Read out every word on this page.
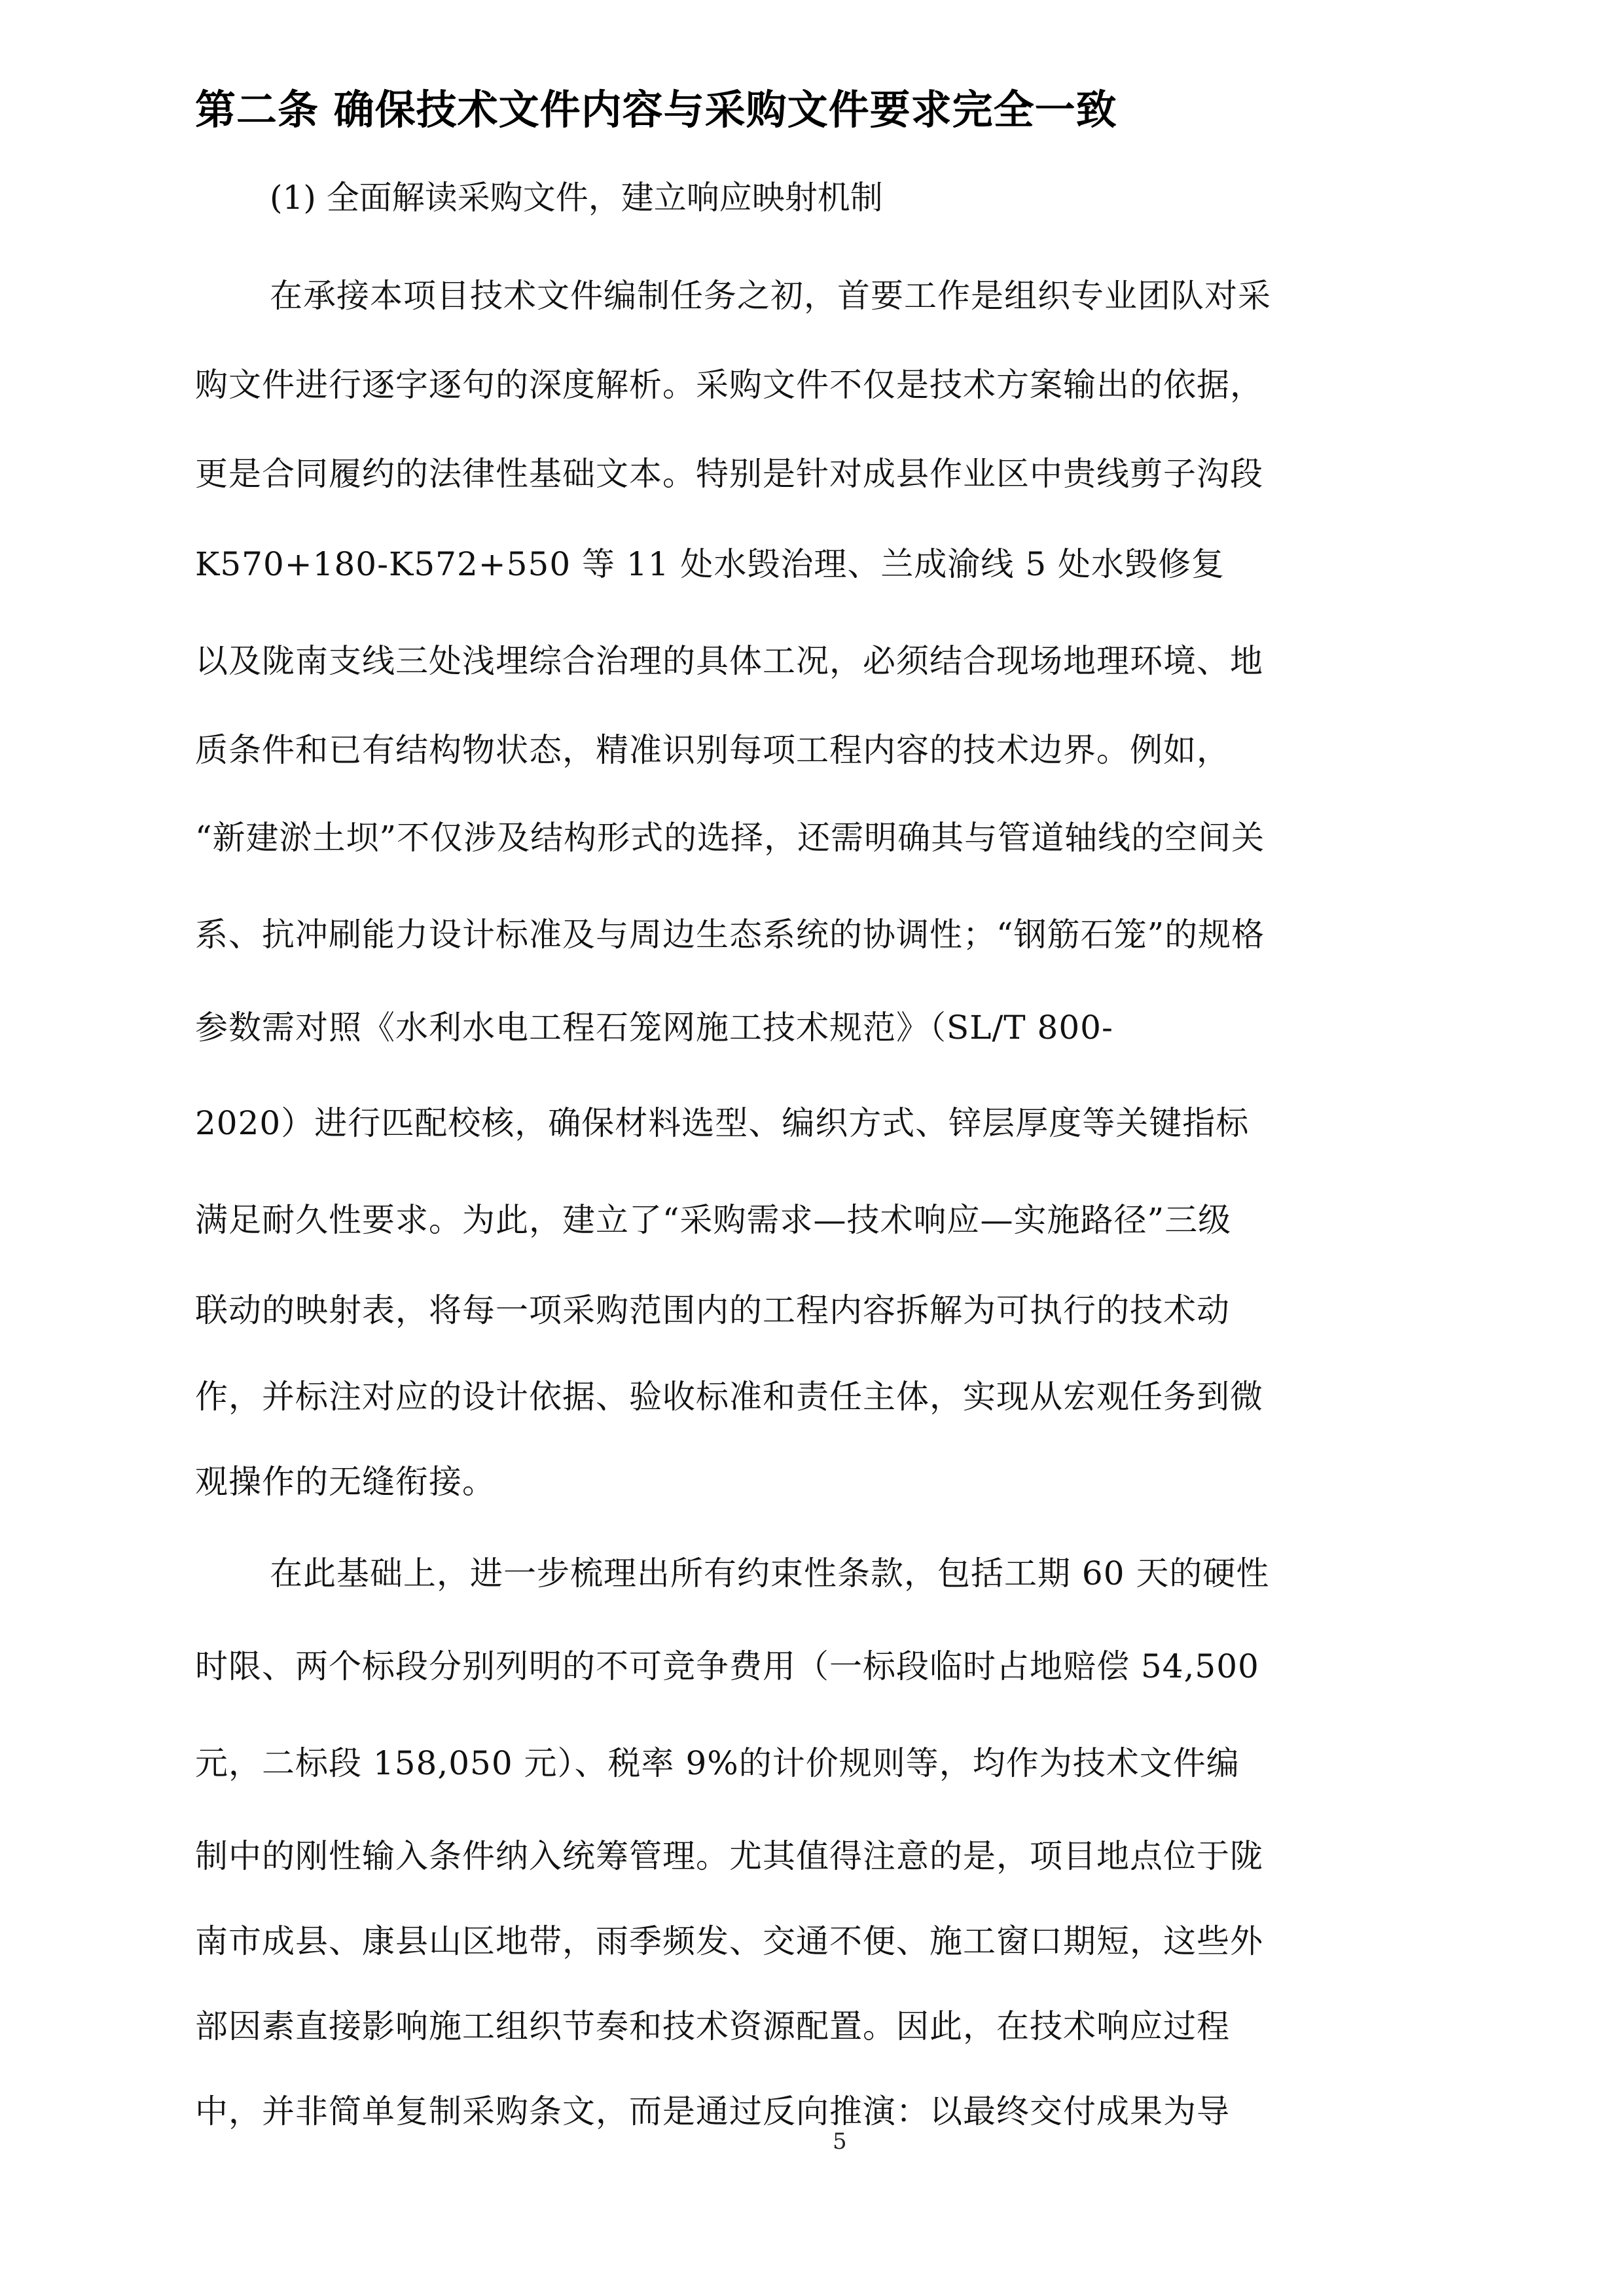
第二条 确保技术文件内容与采购文件要求完全一致

(1) 全面解读采购文件，建立响应映射机制

在承接本项目技术文件编制任务之初，首要工作是组织专业团队对采

购文件进行逐字逐句的深度解析。采购文件不仅是技术方案输出的依据，

更是合同履约的法律性基础文本。特别是针对成县作业区中贵线剪子沟段

K570+180-K572+550 等 11 处水毁治理、兰成渝线 5 处水毁修复

以及陇南支线三处浅埋综合治理的具体工况，必须结合现场地理环境、地

质条件和已有结构物状态，精准识别每项工程内容的技术边界。例如，

“新建淤土坝”不仅涉及结构形式的选择，还需明确其与管道轴线的空间关

系、抗冲刷能力设计标准及与周边生态系统的协调性；“钢筋石笼”的规格

参数需对照《水利水电工程石笼网施工技术规范》（SL/T 800-

2020）进行匹配校核，确保材料选型、编织方式、锌层厚度等关键指标

满足耐久性要求。为此，建立了“采购需求—技术响应—实施路径”三级

联动的映射表，将每一项采购范围内的工程内容拆解为可执行的技术动

作，并标注对应的设计依据、验收标准和责任主体，实现从宏观任务到微

观操作的无缝衔接。

在此基础上，进一步梳理出所有约束性条款，包括工期 60 天的硬性

时限、两个标段分别列明的不可竞争费用（一标段临时占地赔偿 54,500

元，二标段 158,050 元）、税率 9%的计价规则等，均作为技术文件编

制中的刚性输入条件纳入统筹管理。尤其值得注意的是，项目地点位于陇

南市成县、康县山区地带，雨季频发、交通不便、施工窗口期短，这些外

部因素直接影响施工组织节奏和技术资源配置。因此，在技术响应过程

5
中，并非简单复制采购条文，而是通过反向推演：以最终交付成果为导
